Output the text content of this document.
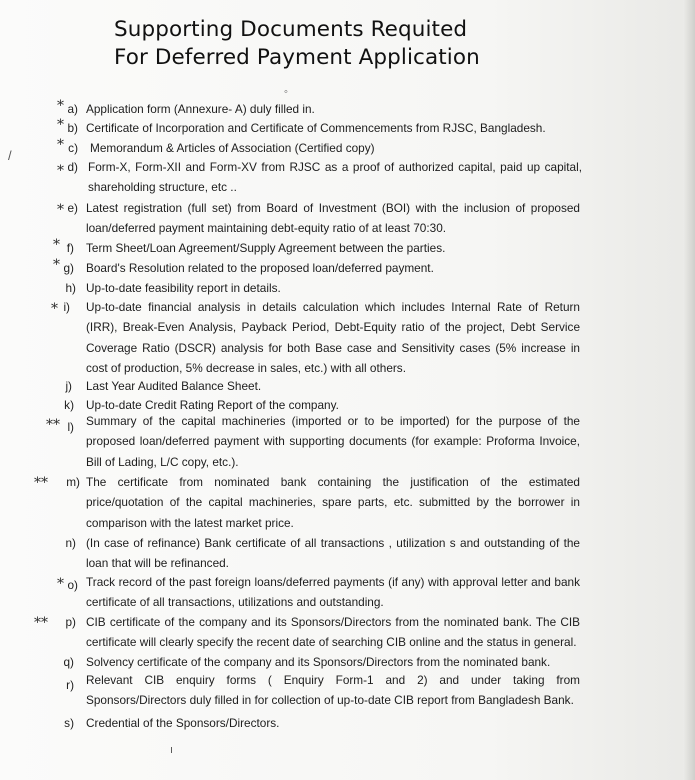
Supporting Documents Requited
For Deferred Payment Application
◦
/
ı
* a) Application form (Annexure- A) duly filled in.
* b) Certificate of Incorporation and Certificate of Commencements from RJSC, Bangladesh.
* c) Memorandum & Articles of Association (Certified copy)
* d) Form-X, Form-XII and Form-XV from RJSC as a proof of authorized capital, paid up capital, shareholding structure, etc ..
* e) Latest registration (full set) from Board of Investment (BOI) with the inclusion of proposed loan/deferred payment maintaining debt-equity ratio of at least 70:30.
* f) Term Sheet/Loan Agreement/Supply Agreement between the parties.
* g) Board's Resolution related to the proposed loan/deferred payment.
h) Up-to-date feasibility report in details.
* i) Up-to-date financial analysis in details calculation which includes Internal Rate of Return (IRR), Break-Even Analysis, Payback Period, Debt-Equity ratio of the project, Debt Service Coverage Ratio (DSCR) analysis for both Base case and Sensitivity cases (5% increase in cost of production, 5% decrease in sales, etc.) with all others.
j) Last Year Audited Balance Sheet.
k) Up-to-date Credit Rating Report of the company.
** l) Summary of the capital machineries (imported or to be imported) for the purpose of the proposed loan/deferred payment with supporting documents (for example: Proforma Invoice, Bill of Lading, L/C copy, etc.).
**	m) The certificate from nominated bank containing the justification of the estimated price/quotation of the capital machineries, spare parts, etc. submitted by the borrower in comparison with the latest market price.
n) (In case of refinance) Bank certificate of all transactions , utilization s and outstanding of the loan that will be refinanced.
* o) Track record of the past foreign loans/deferred payments (if any) with approval letter and bank certificate of all transactions, utilizations and outstanding.
**	p) CIB certificate of the company and its Sponsors/Directors from the nominated bank. The CIB certificate will clearly specify the recent date of searching CIB online and the status in general.
q) Solvency certificate of the company and its Sponsors/Directors from the nominated bank.
r) Relevant CIB enquiry forms ( Enquiry Form-1 and 2) and under taking from Sponsors/Directors duly filled in for collection of up-to-date CIB report from Bangladesh Bank.
s) Credential of the Sponsors/Directors.
